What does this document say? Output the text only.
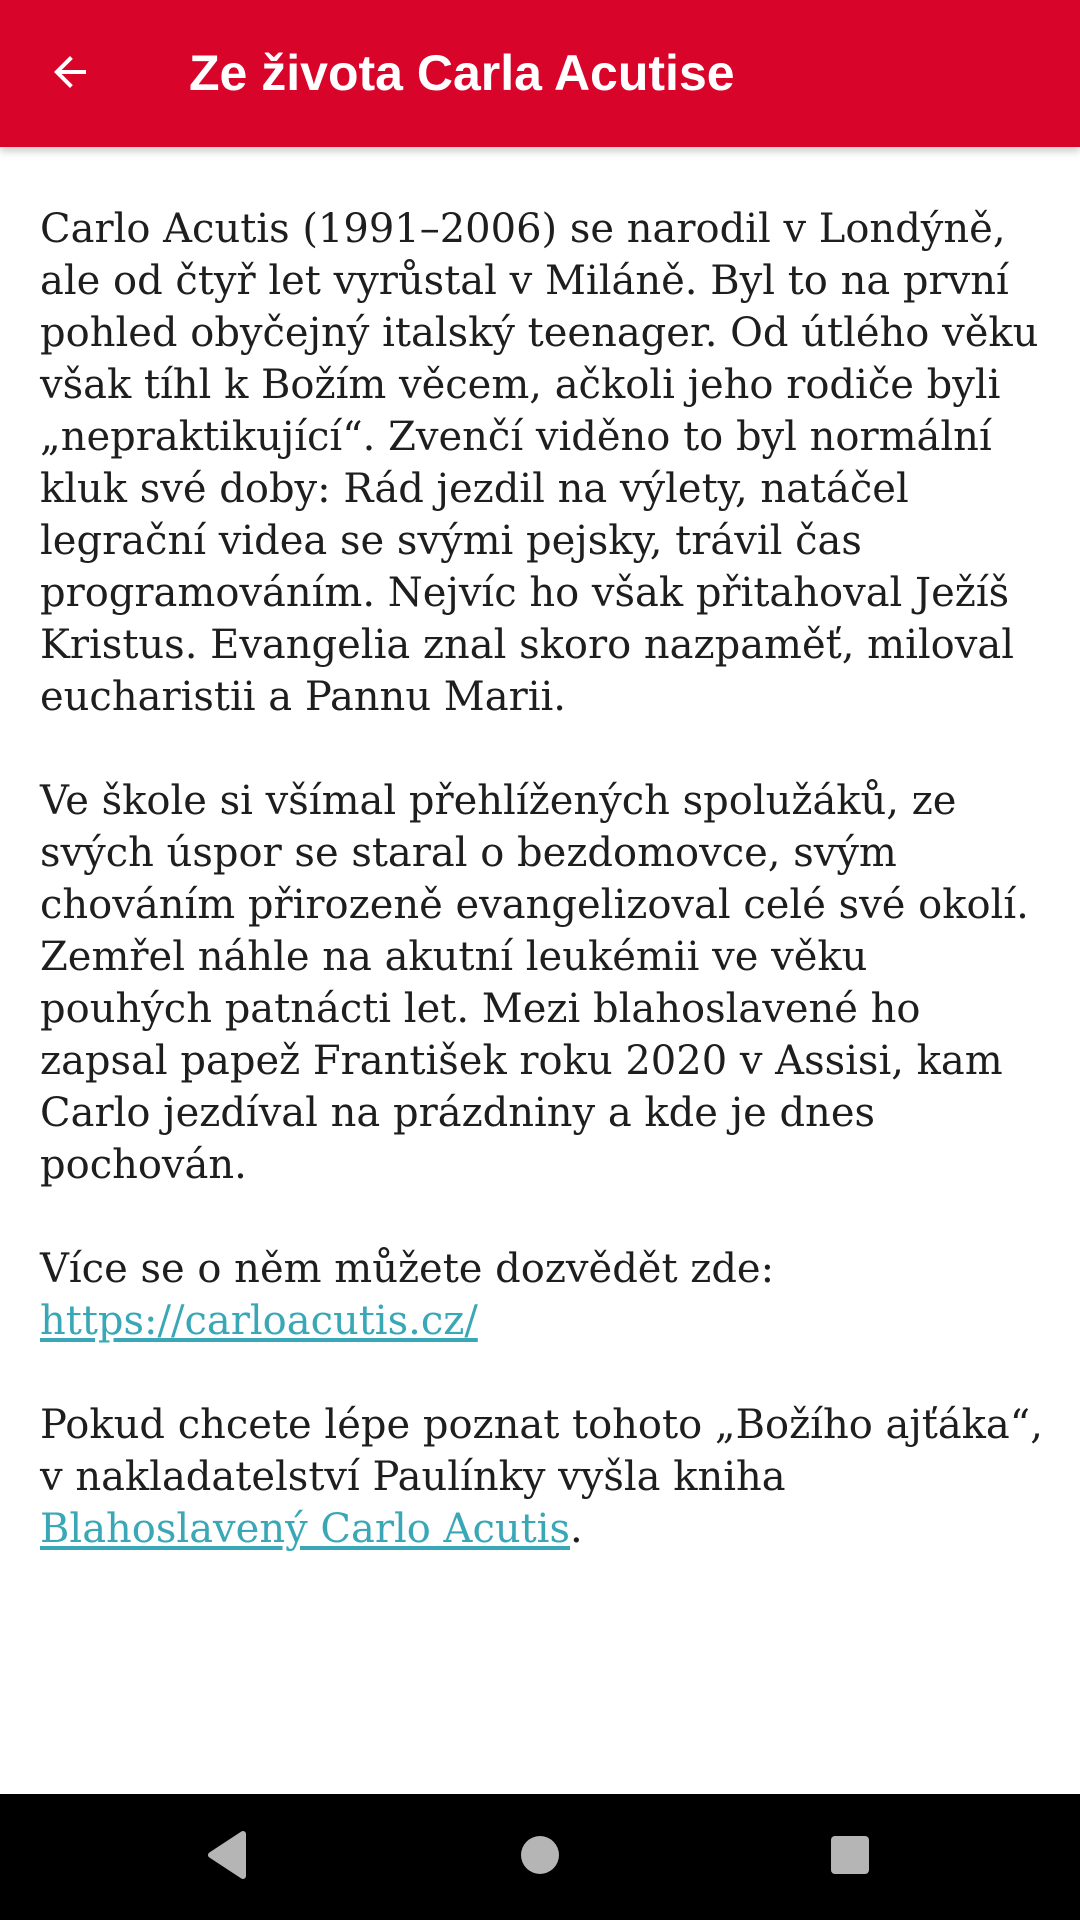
Ze života Carla Acutise

Carlo Acutis (1991–2006) se narodil v Londýně, ale od čtyř let vyrůstal v Miláně. Byl to na první pohled obyčejný italský teenager. Od útlého věku však tíhl k Božím věcem, ačkoli jeho rodiče byli „nepraktikující“. Zvenčí viděno to byl normální kluk své doby: Rád jezdil na výlety, natáčel legrační videa se svými pejsky, trávil čas programováním. Nejvíc ho však přitahoval Ježíš Kristus. Evangelia znal skoro nazpaměť, miloval eucharistii a Pannu Marii.

Ve škole si všímal přehlížených spolužáků, ze svých úspor se staral o bezdomovce, svým chováním přirozeně evangelizoval celé své okolí. Zemřel náhle na akutní leukémii ve věku pouhých patnácti let. Mezi blahoslavené ho zapsal papež František roku 2020 v Assisi, kam Carlo jezdíval na prázdniny a kde je dnes pochován.

Více se o něm můžete dozvědět zde:
https://carloacutis.cz/

Pokud chcete lépe poznat tohoto „Božího ajťáka“, v nakladatelství Paulínky vyšla kniha Blahoslavený Carlo Acutis.
